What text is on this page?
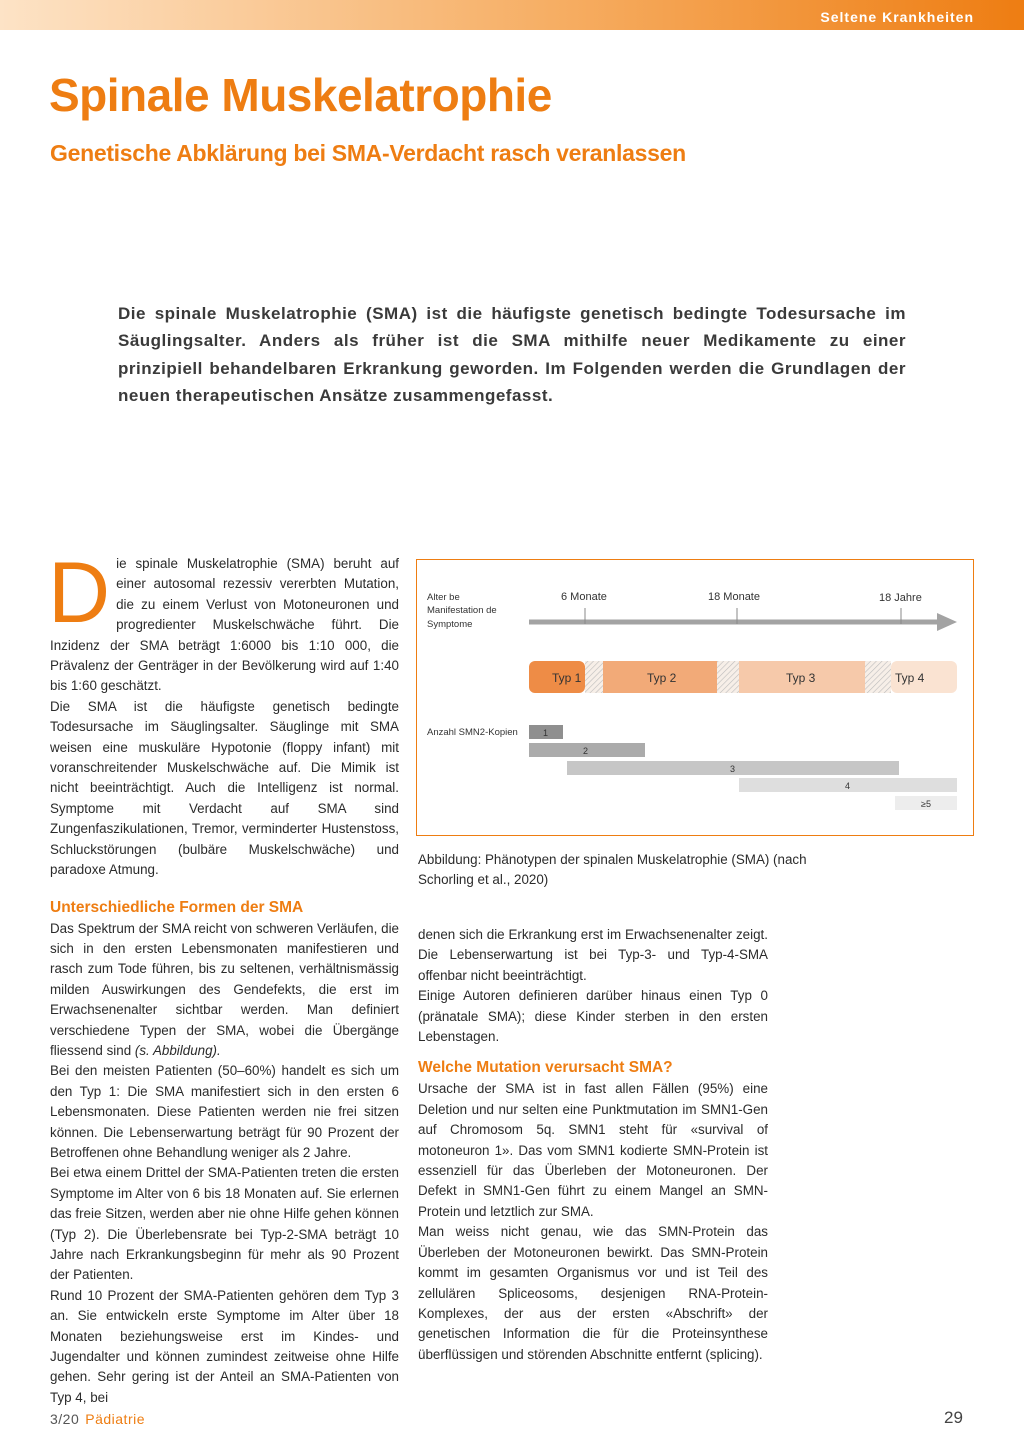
Seltene Krankheiten
Spinale Muskelatrophie
Genetische Abklärung bei SMA-Verdacht rasch veranlassen

Die spinale Muskelatrophie (SMA) ist die häufigste genetisch bedingte Todesursache im Säuglingsalter. Anders als früher ist die SMA mithilfe neuer Medikamente zu einer prinzipiell behandelbaren Erkrankung geworden. Im Folgenden werden die Grundlagen der neuen therapeutischen Ansätze zusammengefasst.

D ie spinale Muskelatrophie (SMA) beruht auf einer autosomal rezessiv vererbten Mutation, die zu einem Verlust von Motoneuronen und progredienter Muskelschwäche führt. Die Inzidenz der SMA beträgt 1:6000 bis 1:10 000, die Prävalenz der Genträger in der Bevölkerung wird auf 1:40 bis 1:60 geschätzt.

Die SMA ist die häufigste genetisch bedingte Todesursache im Säuglingsalter. Säuglinge mit SMA weisen eine muskuläre Hypotonie (floppy infant) mit voranschreitender Muskelschwäche auf. Die Mimik ist nicht beeinträchtigt. Auch die Intelligenz ist normal. Symptome mit Verdacht auf SMA sind Zungenfaszikulationen, Tremor, verminderter Hustenstoss, Schluckstörungen (bulbäre Muskelschwäche) und paradoxe Atmung.

Unterschiedliche Formen der SMA

Das Spektrum der SMA reicht von schweren Verläufen, die sich in den ersten Lebensmonaten manifestieren und rasch zum Tode führen, bis zu seltenen, verhältnismässig milden Auswirkungen des Gendefekts, die erst im Erwachsenenalter sichtbar werden. Man definiert verschiedene Typen der SMA, wobei die Übergänge fliessend sind (s. Abbildung).

Bei den meisten Patienten (50–60%) handelt es sich um den Typ 1: Die SMA manifestiert sich in den ersten 6 Lebensmonaten. Diese Patienten werden nie frei sitzen können. Die Lebenserwartung beträgt für 90 Prozent der Betroffenen ohne Behandlung weniger als 2 Jahre.

Bei etwa einem Drittel der SMA-Patienten treten die ersten Symptome im Alter von 6 bis 18 Monaten auf. Sie erlernen das freie Sitzen, werden aber nie ohne Hilfe gehen können (Typ 2). Die Überlebensrate bei Typ-2-SMA beträgt 10 Jahre nach Erkrankungsbeginn für mehr als 90 Prozent der Patienten.

Rund 10 Prozent der SMA-Patienten gehören dem Typ 3 an. Sie entwickeln erste Symptome im Alter über 18 Monaten beziehungsweise erst im Kindes- und Jugendalter und können zumindest zeitweise ohne Hilfe gehen. Sehr gering ist der Anteil an SMA-Patienten von Typ 4, bei

Alter be
Manifestation de
Symptome
6 Monate	18 Monate	18 Jahre
Typ 1	Typ 2	Typ 3	Typ 4
Anzahl SMN2-Kopien	1
2
3
4
≥5
Abbildung: Phänotypen der spinalen Muskelatrophie (SMA) (nach Schorling et al., 2020)

denen sich die Erkrankung erst im Erwachsenenalter zeigt. Die Lebenserwartung ist bei Typ-3- und Typ-4-SMA offenbar nicht beeinträchtigt.

Einige Autoren definieren darüber hinaus einen Typ 0 (pränatale SMA); diese Kinder sterben in den ersten Lebenstagen.

Welche Mutation verursacht SMA?

Ursache der SMA ist in fast allen Fällen (95%) eine Deletion und nur selten eine Punktmutation im SMN1-Gen auf Chromosom 5q. SMN1 steht für «survival of motoneuron 1». Das vom SMN1 kodierte SMN-Protein ist essenziell für das Überleben der Motoneuronen. Der Defekt in SMN1-Gen führt zu einem Mangel an SMN-Protein und letztlich zur SMA.

Man weiss nicht genau, wie das SMN-Protein das Überleben der Motoneuronen bewirkt. Das SMN-Protein kommt im gesamten Organismus vor und ist Teil des zellulären Spliceosoms, desjenigen RNA-Protein-Komplexes, der aus der ersten «Abschrift» der genetischen Information die für die Proteinsynthese überflüssigen und störenden Abschnitte entfernt (splicing).

3/20 Pädiatrie	29
